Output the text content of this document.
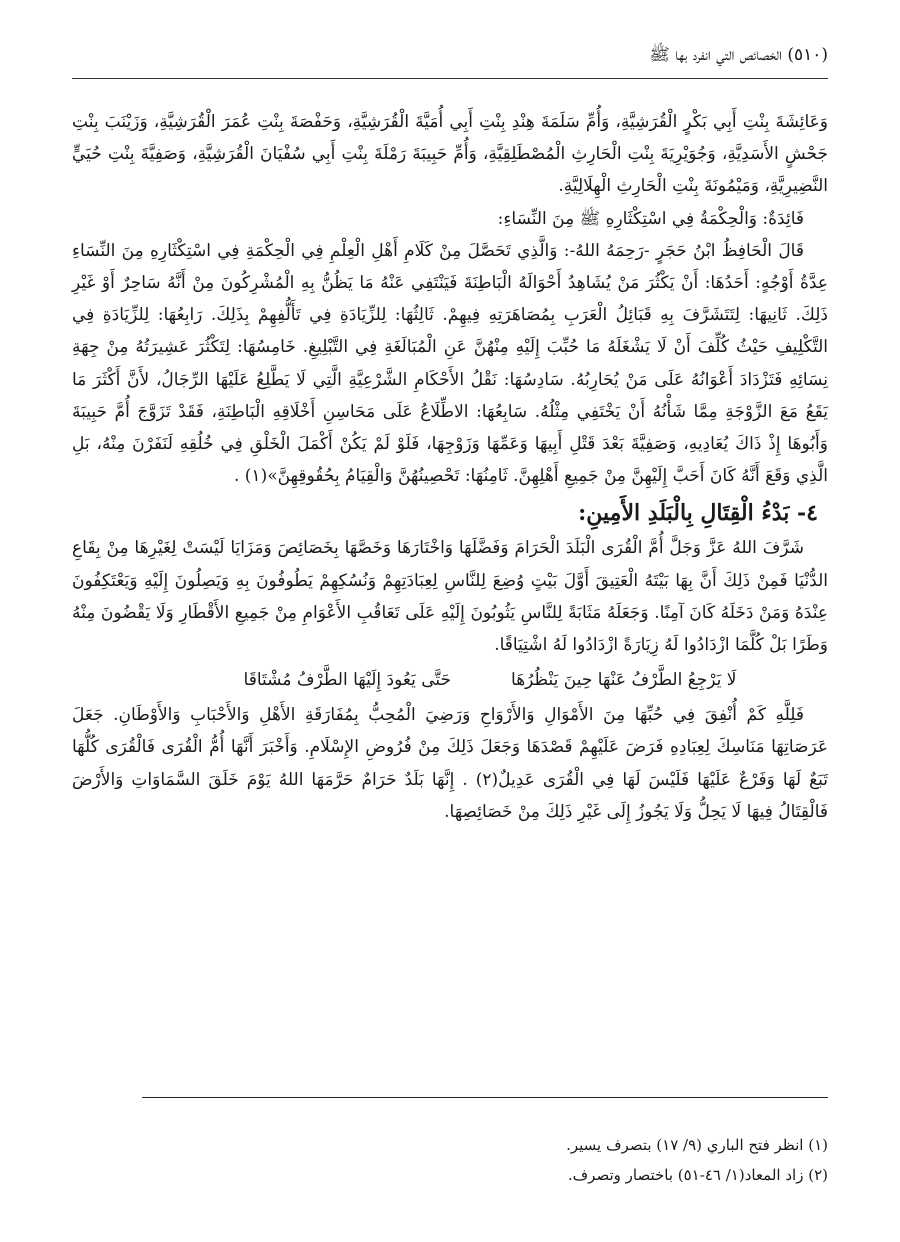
(٥١٠) الخصائص التي انفرد بها ﷺ

وَعَائِشَةَ بِنْتِ أَبِي بَكْرٍ الْقُرَشِيَّةِ، وَأُمِّ سَلَمَةَ هِنْدِ بِنْتِ أَبِي أُمَيَّةَ الْقُرَشِيَّةِ، وَحَفْصَةَ بِنْتِ عُمَرَ الْقُرَشِيَّةِ، وَزَيْنَبَ بِنْتِ جَحْشٍ الأَسَدِيَّةِ، وَجُوَيْرِيَةَ بِنْتِ الْحَارِثِ الْمُصْطَلِقِيَّةِ، وَأُمِّ حَبِيبَةَ رَمْلَةَ بِنْتِ أَبِي سُفْيَانَ الْقُرَشِيَّةِ، وَصَفِيَّةَ بِنْتِ حُيَيٍّ النَّضِيرِيَّةِ، وَمَيْمُونَةَ بِنْتِ الْحَارِثِ الْهِلَالِيَّةِ.

فَائِدَةٌ: وَالْحِكْمَةُ فِي اسْتِكْثَارِهِ ﷺ مِنَ النِّسَاءِ:

قَالَ الْحَافِظُ ابْنُ حَجَرٍ -رَحِمَهُ اللهُ-: وَالَّذِي تَحَصَّلَ مِنْ كَلَامِ أَهْلِ الْعِلْمِ فِي الْحِكْمَةِ فِي اسْتِكْثَارِهِ مِنَ النِّسَاءِ عِدَّةُ أَوْجُهٍ: أَحَدُهَا: أَنْ يَكْثُرَ مَنْ يُشَاهِدُ أَحْوَالَهُ الْبَاطِنَةَ فَيَنْتَفِي عَنْهُ مَا يَظُنُّ بِهِ الْمُشْرِكُونَ مِنْ أَنَّهُ سَاحِرٌ أَوْ غَيْرِ ذَلِكَ. ثَانِيهَا: لِتَتَشَرَّفَ بِهِ قَبَائِلُ الْعَرَبِ بِمُصَاهَرَتِهِ فِيهِمْ. ثَالِثُهَا: لِلزِّيَادَةِ فِي تَأَلُّفِهِمْ بِذَلِكَ. رَابِعُهَا: لِلزِّيَادَةِ فِي التَّكْلِيفِ حَيْثُ كُلِّفَ أَنْ لَا يَشْغَلَهُ مَا حُبِّبَ إِلَيْهِ مِنْهُنَّ عَنِ الْمُبَالَغَةِ فِي التَّبْلِيغِ. خَامِسُهَا: لِتَكْثُرَ عَشِيرَتُهُ مِنْ جِهَةِ نِسَائِهِ فَتَزْدَادَ أَعْوَانُهُ عَلَى مَنْ يُحَارِبُهُ. سَادِسُهَا: نَقْلُ الأَحْكَامِ الشَّرْعِيَّةِ الَّتِي لَا يَطَّلِعُ عَلَيْهَا الرِّجَالُ، لأَنَّ أَكْثَرَ مَا يَقَعُ مَعَ الزَّوْجَةِ مِمَّا شَأْنُهُ أَنْ يَخْتَفِي مِثْلُهُ. سَابِعُهَا: الاطِّلَاعُ عَلَى مَحَاسِنِ أَخْلَاقِهِ الْبَاطِنَةِ، فَقَدْ تَزَوَّجَ أُمَّ حَبِيبَةَ وَأَبُوهَا إِذْ ذَاكَ يُعَادِيهِ، وَصَفِيَّةَ بَعْدَ قَتْلِ أَبِيهَا وَعَمِّهَا وَزَوْجِهَا، فَلَوْ لَمْ يَكُنْ أَكْمَلَ الْخَلْقِ فِي خُلُقِهِ لَنَفَرْنَ مِنْهُ، بَلِ الَّذِي وَقَعَ أَنَّهُ كَانَ أَحَبَّ إِلَيْهِنَّ مِنْ جَمِيعِ أَهْلِهِنَّ. ثَامِنُهَا: تَحْصِينُهُنَّ وَالْقِيَامُ بِحُقُوقِهِنَّ»(١) .

٤- بَدْءُ الْقِتَالِ بِالْبَلَدِ الأَمِينِ:

شَرَّفَ اللهُ عَزَّ وَجَلَّ أُمَّ الْقُرَى الْبَلَدَ الْحَرَامَ وَفَضَّلَهَا وَاخْتَارَهَا وَخَصَّهَا بِخَصَائِصَ وَمَزَايَا لَيْسَتْ لِغَيْرِهَا مِنْ بِقَاعِ الدُّنْيَا فَمِنْ ذَلِكَ أَنَّ بِهَا بَيْتَهُ الْعَتِيقَ أَوَّلَ بَيْتٍ وُضِعَ لِلنَّاسِ لِعِبَادَتِهِمْ وَنُسُكِهِمْ يَطُوفُونَ بِهِ وَيَصِلُونَ إِلَيْهِ وَيَعْتَكِفُونَ عِنْدَهُ وَمَنْ دَخَلَهُ كَانَ آمِنًا. وَجَعَلَهُ مَثَابَةً لِلنَّاسِ يَثُوبُونَ إِلَيْهِ عَلَى تَعَاقُبِ الأَعْوَامِ مِنْ جَمِيعِ الأَقْطَارِ وَلَا يَقْضُونَ مِنْهُ وَطَرًا بَلْ كُلَّمَا ازْدَادُوا لَهُ زِيَارَةً ازْدَادُوا لَهُ اشْتِيَاقًا.

لَا يَرْجِعُ الطَّرْفُ عَنْهَا حِينَ يَنْظُرُهَا
حَتَّى يَعُودَ إِلَيْهَا الطَّرْفُ مُشْتَاقَا

فَلِلَّهِ كَمْ أُنْفِقَ فِي حُبِّهَا مِنَ الأَمْوَالِ وَالأَرْوَاحِ وَرَضِيَ الْمُحِبُّ بِمُفَارَقَةِ الأَهْلِ وَالأَحْبَابِ وَالأَوْطَانِ. جَعَلَ عَرَصَاتِهَا مَنَاسِكَ لِعِبَادِهِ فَرَضَ عَلَيْهِمْ قَصْدَهَا وَجَعَلَ ذَلِكَ مِنْ فُرُوضِ الإِسْلَامِ. وَأَخْبَرَ أَنَّهَا أُمُّ الْقُرَى فَالْقُرَى كُلُّهَا تَبَعٌ لَهَا وَفَرْعٌ عَلَيْهَا فَلَيْسَ لَهَا فِي الْقُرَى عَدِيلٌ(٢) . إِنَّهَا بَلَدٌ حَرَامٌ حَرَّمَهَا اللهُ يَوْمَ خَلَقَ السَّمَاوَاتِ وَالأَرْضَ فَالْقِتَالُ فِيهَا لَا يَحِلُّ وَلَا يَجُوزُ إِلَى غَيْرِ ذَلِكَ مِنْ خَصَائِصِهَا.

(١) انظر فتح الباري (٩/ ١٧) بتصرف يسير.

(٢) زاد المعاد(١/ ٤٦-٥١) باختصار وتصرف.
